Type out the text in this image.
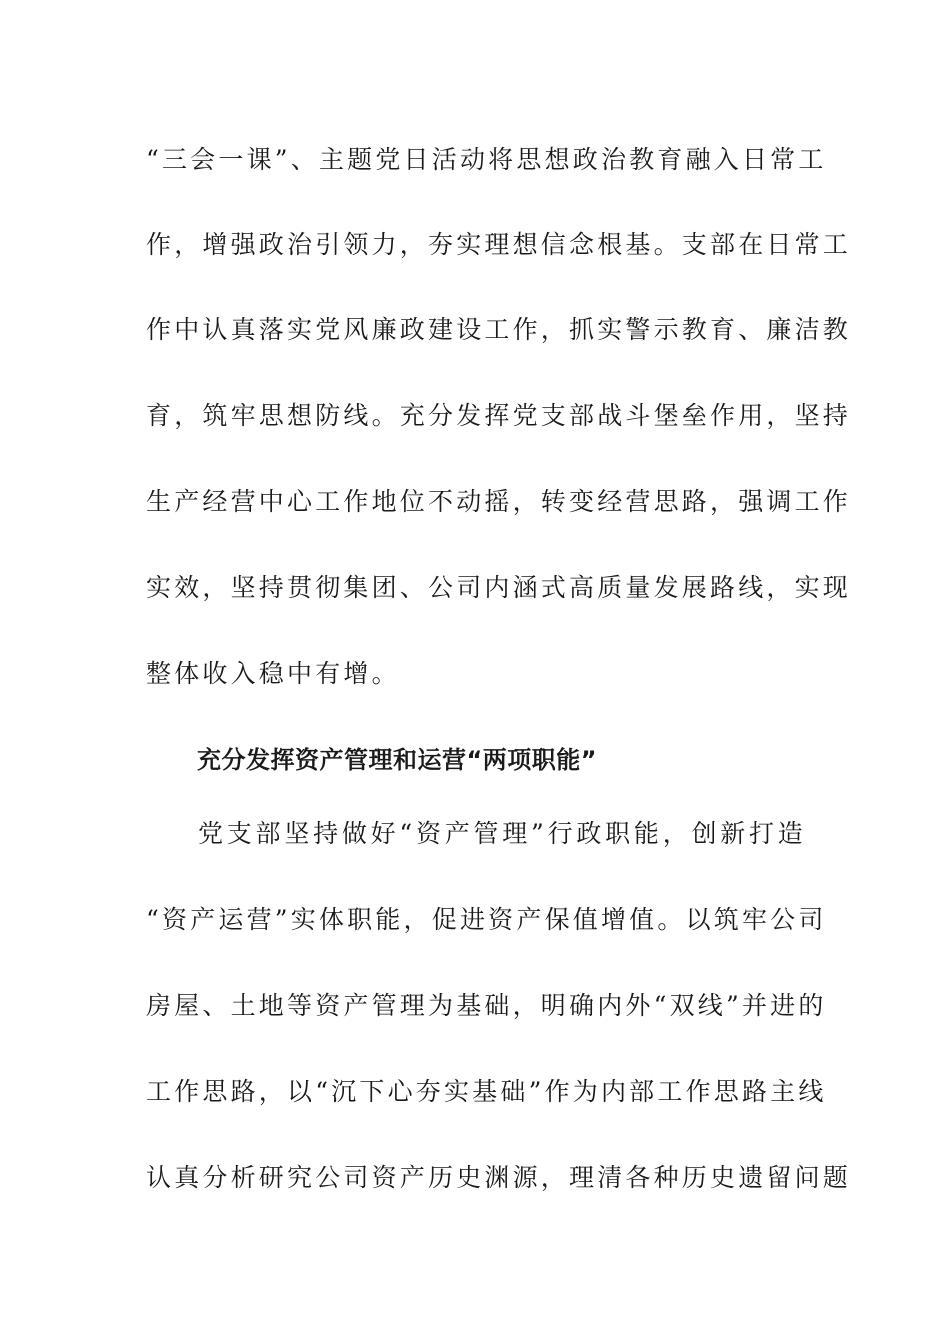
“三会一课”、主题党日活动将思想政治教育融入日常工
作，增强政治引领力，夯实理想信念根基。支部在日常工
作中认真落实党风廉政建设工作，抓实警示教育、廉洁教
育，筑牢思想防线。充分发挥党支部战斗堡垒作用，坚持
生产经营中心工作地位不动摇，转变经营思路，强调工作
实效，坚持贯彻集团、公司内涵式高质量发展路线，实现
整体收入稳中有增。
充分发挥资产管理和运营“两项职能”
党支部坚持做好“资产管理”行政职能，创新打造
“资产运营”实体职能，促进资产保值增值。以筑牢公司
房屋、土地等资产管理为基础，明确内外“双线”并进的
工作思路，以“沉下心夯实基础”作为内部工作思路主线
认真分析研究公司资产历史渊源，理清各种历史遗留问题
